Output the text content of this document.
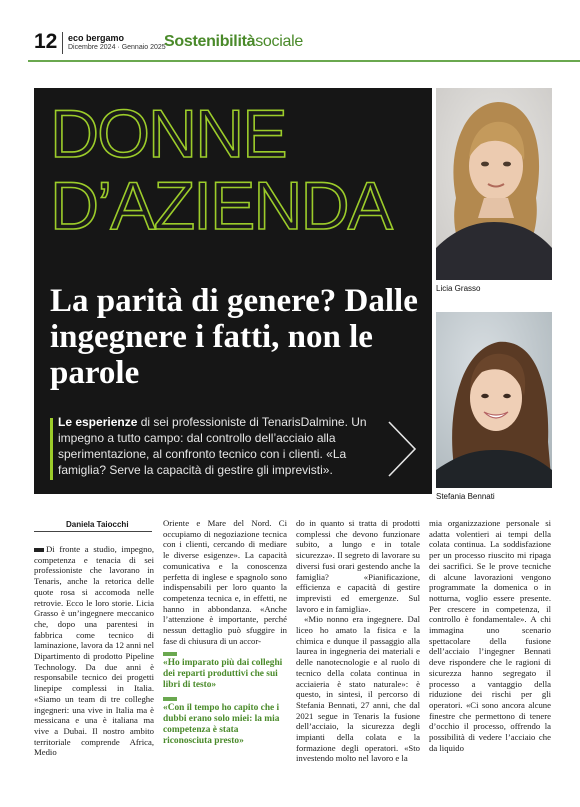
12 eco bergamo
Dicembre 2024 · Gennaio 2025
Sostenibilitàsociale
DONNE
D’AZIENDA
La parità di genere? Dalle ingegnere i fatti, non le parole
Le esperienze di sei professioniste di TenarisDalmine. Un impegno a tutto campo: dal controllo dell’acciaio alla sperimentazione, al confronto tecnico con i clienti. «La famiglia? Serve la capacità di gestire gli imprevisti».
Licia Grasso
Stefania Bennati
Daniela Taiocchi

Di fronte a studio, impegno, competenza e tenacia di sei professioniste che lavorano in Tenaris, anche la retorica delle quote rosa si accomoda nelle retrovie. Ecco le loro storie. Licia Grasso è un’ingegnere meccanico che, dopo una parentesi in fabbrica come tecnico di laminazione, lavora da 12 anni nel Dipartimento di prodotto Pipeline Technology. Da due anni è responsabile tecnico dei progetti linepipe complessi in Italia. «Siamo un team di tre colleghe ingegneri: una vive in Italia ma è messicana e una è italiana ma vive a Dubai. Il nostro ambito territoriale comprende Africa, Medio

Oriente e Mare del Nord. Ci occupiamo di negoziazione tecnica con i clienti, cercando di mediare le diverse esigenze». La capacità comunicativa e la conoscenza perfetta di inglese e spagnolo sono indispensabili per loro quanto la competenza tecnica e, in effetti, ne hanno in abbondanza. «Anche l’attenzione è importante, perché nessun dettaglio può sfuggire in fase di chiusura di un accor-

«Ho imparato più dai colleghi dei reparti produttivi che sui libri di testo»
«Con il tempo ho capito che i dubbi erano solo miei: la mia competenza è stata riconosciuta presto»

do in quanto si tratta di prodotti complessi che devono funzionare subito, a lungo e in totale sicurezza». Il segreto di lavorare su diversi fusi orari gestendo anche la famiglia? «Pianificazione, efficienza e capacità di gestire imprevisti ed emergenze. Sul lavoro e in famiglia».

«Mio nonno era ingegnere. Dal liceo ho amato la fisica e la chimica e dunque il passaggio alla laurea in ingegneria dei materiali e delle nanotecnologie e al ruolo di tecnico della colata continua in acciaieria è stato naturale»: è questo, in sintesi, il percorso di Stefania Bennati, 27 anni, che dal 2021 segue in Tenaris la fusione dell’acciaio, la sicurezza degli impianti della colata e la formazione degli operatori. «Sto investendo molto nel lavoro e la

mia organizzazione personale si adatta volentieri ai tempi della colata continua. La soddisfazione per un processo riuscito mi ripaga dei sacrifici. Se le prove tecniche di alcune lavorazioni vengono programmate la domenica o in notturna, voglio essere presente. Per crescere in competenza, il controllo è fondamentale». A chi immagina uno scenario spettacolare della fusione dell’acciaio l’ingegner Bennati deve rispondere che le ragioni di sicurezza hanno segregato il processo a vantaggio della riduzione dei rischi per gli operatori. «Ci sono ancora alcune finestre che permettono di tenere d’occhio il processo, offrendo la possibilità di vedere l’acciaio che da liquido
